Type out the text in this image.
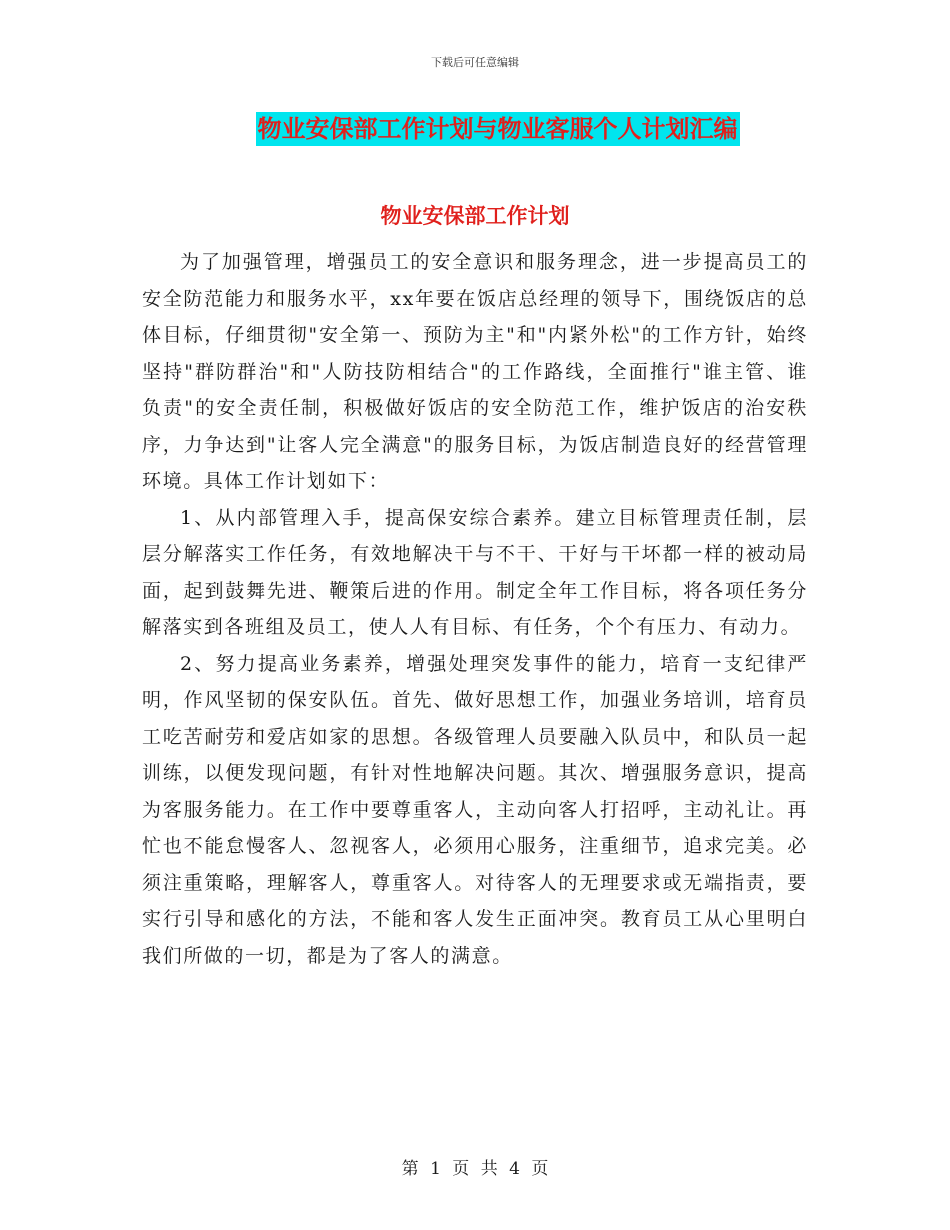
下载后可任意编辑
物业安保部工作计划与物业客服个人计划汇编
物业安保部工作计划

为了加强管理，增强员工的安全意识和服务理念，进一步提高员工的安全防范能力和服务水平，xx年要在饭店总经理的领导下，围绕饭店的总体目标，仔细贯彻"安全第一、预防为主"和"内紧外松"的工作方针，始终坚持"群防群治"和"人防技防相结合"的工作路线，全面推行"谁主管、谁负责"的安全责任制，积极做好饭店的安全防范工作，维护饭店的治安秩序，力争达到"让客人完全满意"的服务目标，为饭店制造良好的经营管理环境。具体工作计划如下：

1、从内部管理入手，提高保安综合素养。建立目标管理责任制，层层分解落实工作任务，有效地解决干与不干、干好与干坏都一样的被动局面，起到鼓舞先进、鞭策后进的作用。制定全年工作目标，将各项任务分解落实到各班组及员工，使人人有目标、有任务，个个有压力、有动力。

2、努力提高业务素养，增强处理突发事件的能力，培育一支纪律严明，作风坚韧的保安队伍。首先、做好思想工作，加强业务培训，培育员工吃苦耐劳和爱店如家的思想。各级管理人员要融入队员中，和队员一起训练，以便发现问题，有针对性地解决问题。其次、增强服务意识，提高为客服务能力。在工作中要尊重客人，主动向客人打招呼，主动礼让。再忙也不能怠慢客人、忽视客人，必须用心服务，注重细节，追求完美。必须注重策略，理解客人，尊重客人。对待客人的无理要求或无端指责，要实行引导和感化的方法，不能和客人发生正面冲突。教育员工从心里明白我们所做的一切，都是为了客人的满意。

第 1 页 共 4 页
